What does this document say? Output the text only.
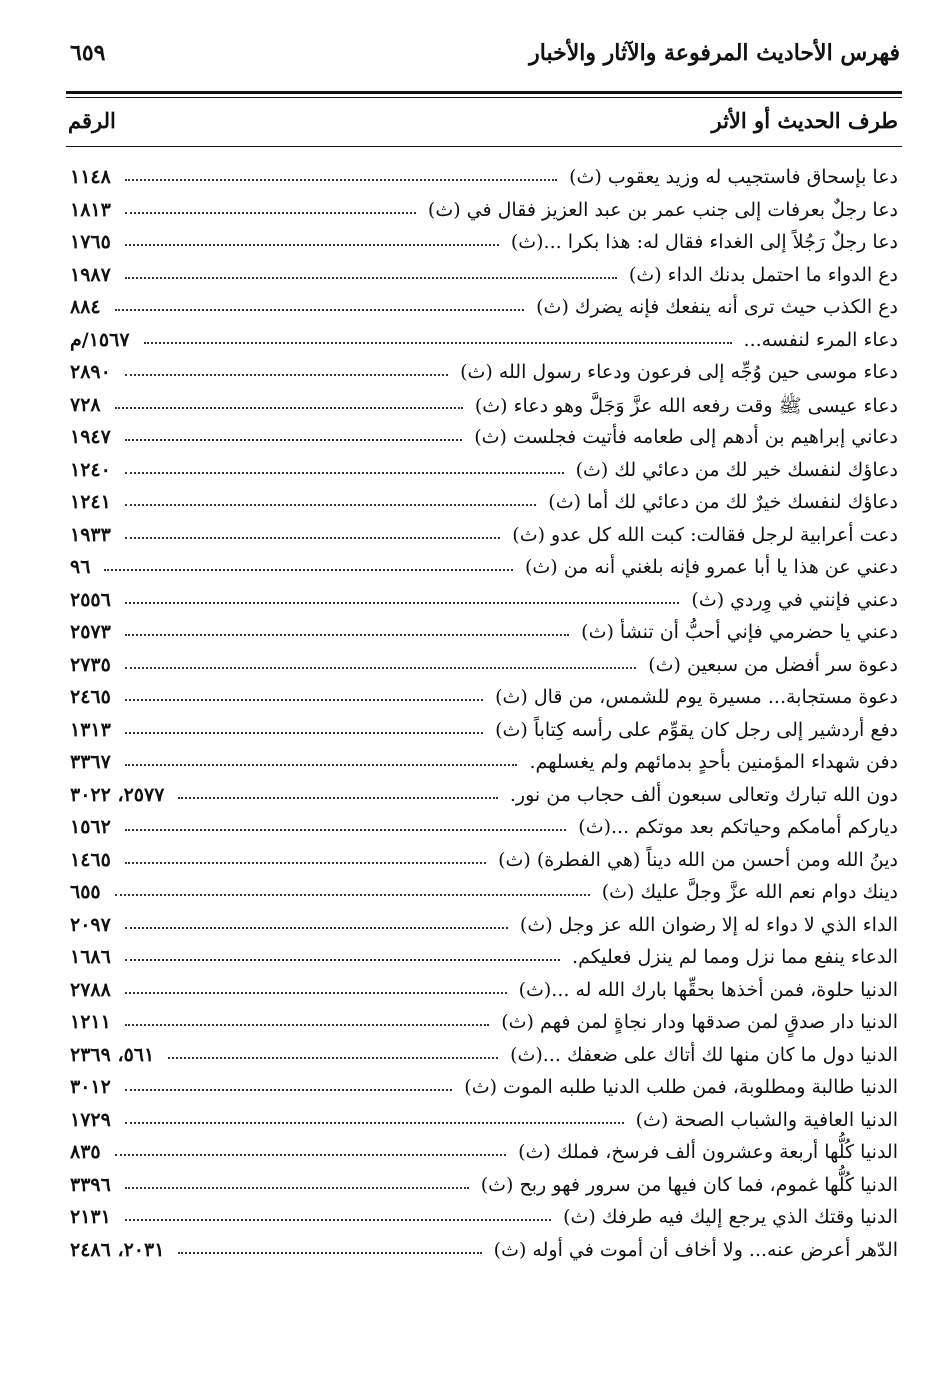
فهرس الأحاديث المرفوعة والآثار والأخبار
٦٥٩
طرف الحديث أو الأثر
الرقم
دعا بإسحاق فاستجيب له وزيد يعقوب (ث)
١١٤٨
دعا رجلٌ بعرفات إلى جنب عمر بن عبد العزيز فقال في (ث)
١٨١٣
دعا رجلٌ رَجُلاً إلى الغداء فقال له: هذا بكرا ...(ث)
١٧٦٥
دع الدواء ما احتمل بدنك الداء (ث)
١٩٨٧
دع الكذب حيث ترى أنه ينفعك فإنه يضرك (ث)
٨٨٤
دعاء المرء لنفسه...
١٥٦٧/م
دعاء موسى حين وُجِّه إلى فرعون ودعاء رسول الله (ث)
٢٨٩٠
دعاء عيسى ﷺ وقت رفعه الله عزَّ وَجَلَّ وهو دعاء (ث)
٧٢٨
دعاني إبراهيم بن أدهم إلى طعامه فأتيت فجلست (ث)
١٩٤٧
دعاؤك لنفسك خير لك من دعائي لك (ث)
١٢٤٠
دعاؤك لنفسك خيرٌ لك من دعائي لك أما (ث)
١٢٤١
دعت أعرابية لرجل فقالت: كبت الله كل عدو (ث)
١٩٣٣
دعني عن هذا يا أبا عمرو فإنه بلغني أنه من (ث)
٩٦
دعني فإنني في وِردي (ث)
٢٥٥٦
دعني يا حضرمي فإني أحبُّ أن تنشأ (ث)
٢٥٧٣
دعوة سر أفضل من سبعين (ث)
٢٧٣٥
دعوة مستجابة... مسيرة يوم للشمس، من قال (ث)
٢٤٦٥
دفع أردشير إلى رجل كان يقوِّم على رأسه كِتاباً (ث)
١٣١٣
دفن شهداء المؤمنين بأحدٍ بدمائهم ولم يغسلهم.
٣٣٦٧
دون الله تبارك وتعالى سبعون ألف حجاب من نور.
٢٥٧٧، ٣٠٢٢
دياركم أمامكم وحياتكم بعد موتكم ...(ث)
١٥٦٢
دينُ الله ومن أحسن من الله ديناً (هي الفطرة) (ث)
١٤٦٥
دينك دوام نعم الله عزَّ وجلَّ عليك (ث)
٦٥٥
الداء الذي لا دواء له إلا رضوان الله عز وجل (ث)
٢٠٩٧
الدعاء ينفع مما نزل ومما لم ينزل فعليكم.
١٦٨٦
الدنيا حلوة، فمن أخذها بحقِّها بارك الله له ...(ث)
٢٧٨٨
الدنيا دار صدقٍ لمن صدقها ودار نجاةٍ لمن فهم (ث)
١٢١١
الدنيا دول ما كان منها لك أتاك على ضعفك ...(ث)
٥٦١، ٢٣٦٩
الدنيا طالبة ومطلوبة، فمن طلب الدنيا طلبه الموت (ث)
٣٠١٢
الدنيا العافية والشباب الصحة (ث)
١٧٢٩
الدنيا كُلُّها أربعة وعشرون ألف فرسخ، فملك (ث)
٨٣٥
الدنيا كُلُّها غموم، فما كان فيها من سرور فهو ربح (ث)
٣٣٩٦
الدنيا وقتك الذي يرجع إليك فيه طرفك (ث)
٢١٣١
الدّهر أعرض عنه... ولا أخاف أن أموت في أوله (ث)
٢٠٣١، ٢٤٨٦
